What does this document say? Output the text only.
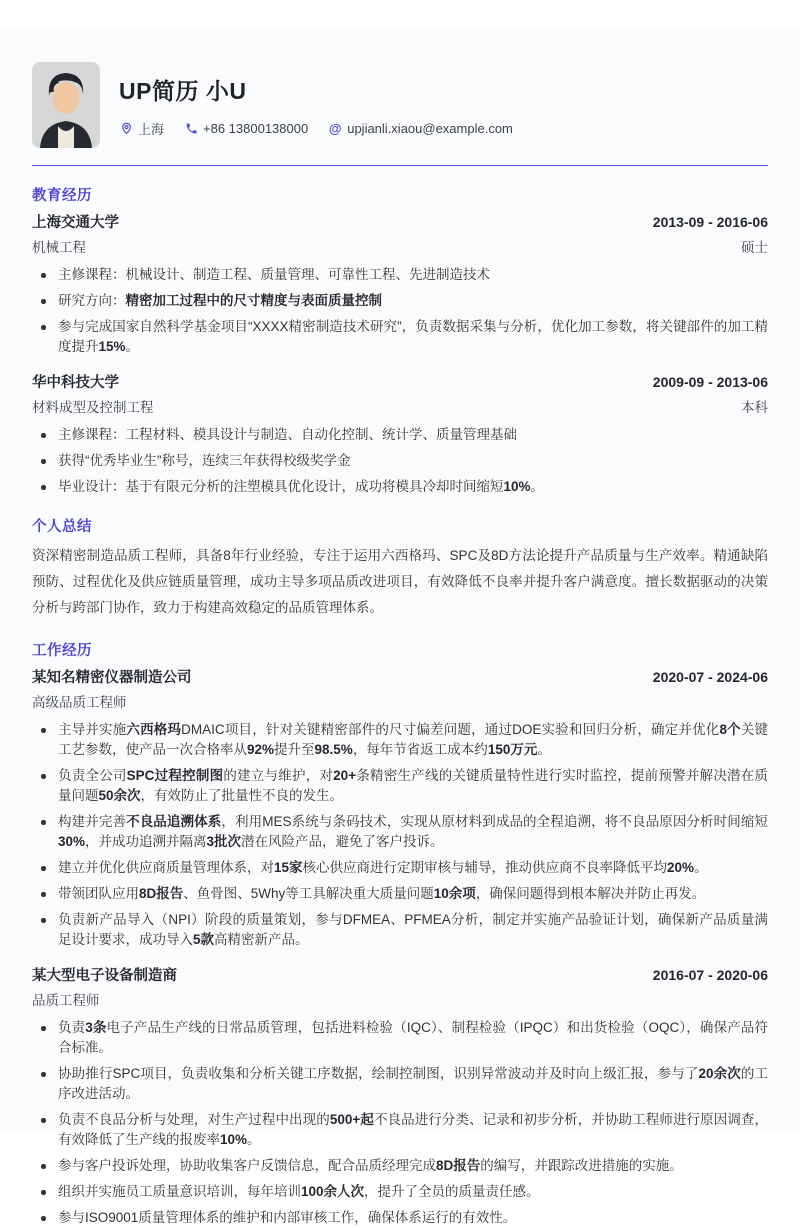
UP简历 小U
上海	+86 13800138000 @ upjianli.xiaou@example.com
教育经历
上海交通大学	2013-09 - 2016-06
机械工程	硕士
主修课程：机械设计、制造工程、质量管理、可靠性工程、先进制造技术
研究方向：精密加工过程中的尺寸精度与表面质量控制
参与完成国家自然科学基金项目“XXXX精密制造技术研究”，负责数据采集与分析，优化加工参数，将关键部件的加工精度提升15%。
华中科技大学	2009-09 - 2013-06
材料成型及控制工程	本科
主修课程：工程材料、模具设计与制造、自动化控制、统计学、质量管理基础
获得“优秀毕业生”称号，连续三年获得校级奖学金
毕业设计：基于有限元分析的注塑模具优化设计，成功将模具冷却时间缩短10%。
个人总结

资深精密制造品质工程师，具备8年行业经验，专注于运用六西格玛、SPC及8D方法论提升产品质量与生产效率。精通缺陷预防、过程优化及供应链质量管理，成功主导多项品质改进项目，有效降低不良率并提升客户满意度。擅长数据驱动的决策分析与跨部门协作，致力于构建高效稳定的品质管理体系。

工作经历
某知名精密仪器制造公司	2020-07 - 2024-06
高级品质工程师
主导并实施六西格玛DMAIC项目，针对关键精密部件的尺寸偏差问题，通过DOE实验和回归分析，确定并优化8个关键工艺参数，使产品一次合格率从92%提升至98.5%，每年节省返工成本约150万元。
负责全公司SPC过程控制图的建立与维护，对20+条精密生产线的关键质量特性进行实时监控，提前预警并解决潜在质量问题50余次，有效防止了批量性不良的发生。
构建并完善不良品追溯体系，利用MES系统与条码技术，实现从原材料到成品的全程追溯，将不良品原因分析时间缩短30%，并成功追溯并隔离3批次潜在风险产品，避免了客户投诉。
建立并优化供应商质量管理体系，对15家核心供应商进行定期审核与辅导，推动供应商不良率降低平均20%。
带领团队应用8D报告、鱼骨图、5Why等工具解决重大质量问题10余项，确保问题得到根本解决并防止再发。
负责新产品导入（NPI）阶段的质量策划，参与DFMEA、PFMEA分析，制定并实施产品验证计划，确保新产品质量满足设计要求，成功导入5款高精密新产品。
某大型电子设备制造商	2016-07 - 2020-06
品质工程师
负责3条电子产品生产线的日常品质管理，包括进料检验（IQC）、制程检验（IPQC）和出货检验（OQC），确保产品符合标准。
协助推行SPC项目，负责收集和分析关键工序数据，绘制控制图，识别异常波动并及时向上级汇报，参与了20余次的工序改进活动。
负责不良品分析与处理，对生产过程中出现的500+起不良品进行分类、记录和初步分析，并协助工程师进行原因调查，有效降低了生产线的报废率10%。
参与客户投诉处理，协助收集客户反馈信息，配合品质经理完成8D报告的编写，并跟踪改进措施的实施。
组织并实施员工质量意识培训，每年培训100余人次，提升了全员的质量责任感。
参与ISO9001质量管理体系的维护和内部审核工作，确保体系运行的有效性。
